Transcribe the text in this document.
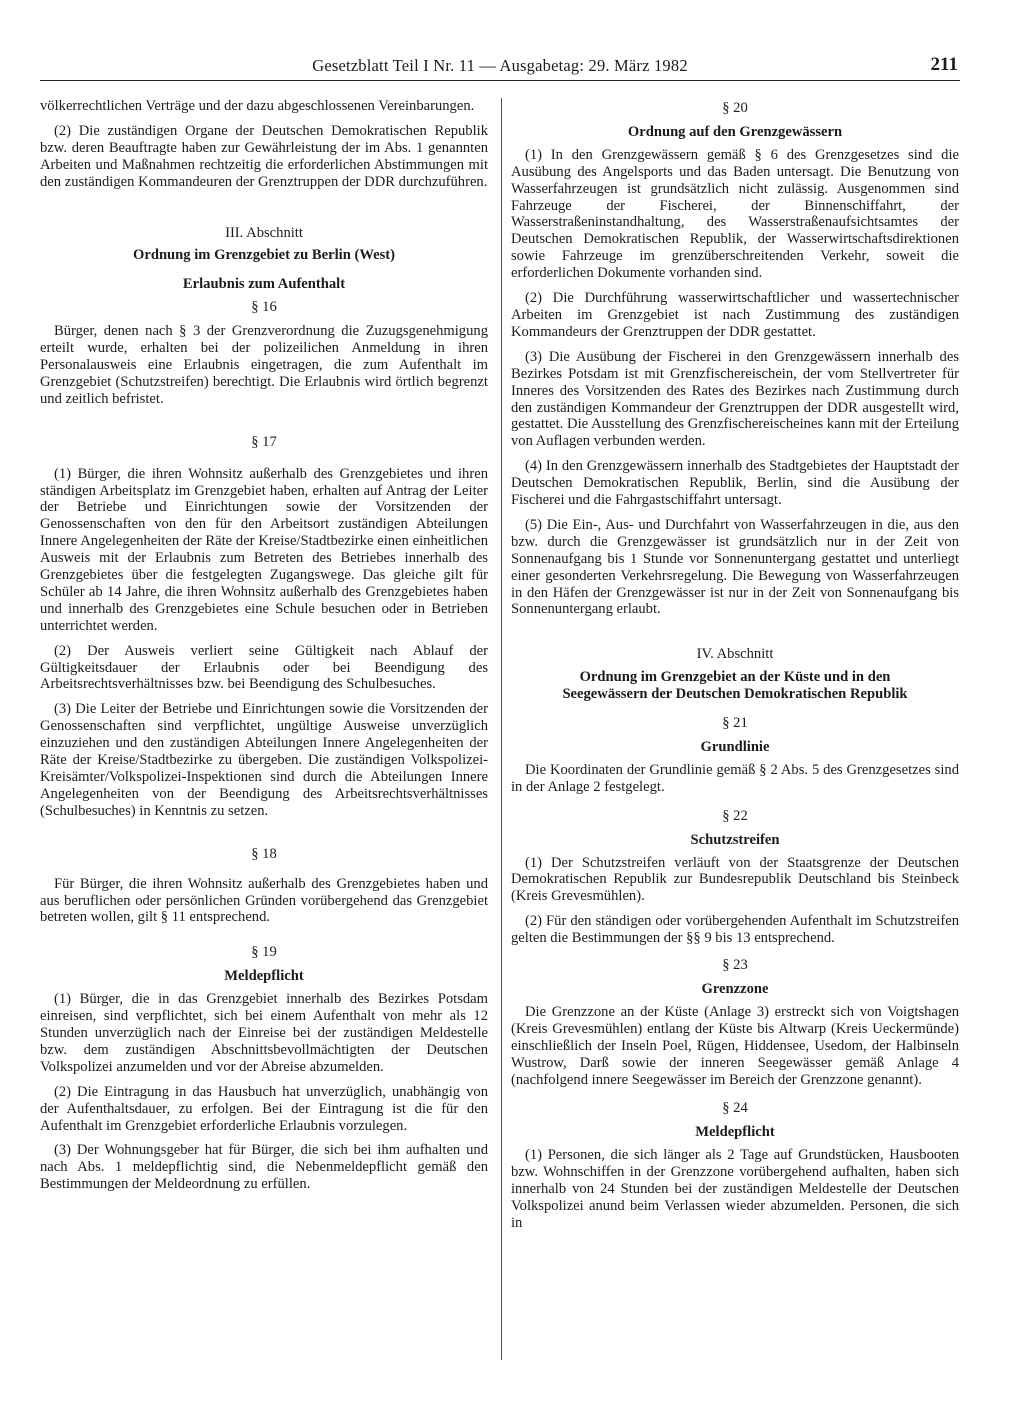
Gesetzblatt Teil I Nr. 11 — Ausgabetag: 29. März 1982	211

völkerrechtlichen Verträge und der dazu abgeschlossenen Vereinbarungen.

(2) Die zuständigen Organe der Deutschen Demokratischen Republik bzw. deren Beauftragte haben zur Gewährleistung der im Abs. 1 genannten Arbeiten und Maßnahmen rechtzeitig die erforderlichen Abstimmungen mit den zuständigen Kommandeuren der Grenztruppen der DDR durchzuführen.

III. Abschnitt
Ordnung im Grenzgebiet zu Berlin (West)
Erlaubnis zum Aufenthalt
§ 16

Bürger, denen nach § 3 der Grenzverordnung die Zuzugsgenehmigung erteilt wurde, erhalten bei der polizeilichen Anmeldung in ihren Personalausweis eine Erlaubnis eingetragen, die zum Aufenthalt im Grenzgebiet (Schutzstreifen) berechtigt. Die Erlaubnis wird örtlich begrenzt und zeitlich befristet.

§ 17

(1) Bürger, die ihren Wohnsitz außerhalb des Grenzgebietes und ihren ständigen Arbeitsplatz im Grenzgebiet haben, erhalten auf Antrag der Leiter der Betriebe und Einrichtungen sowie der Vorsitzenden der Genossenschaften von den für den Arbeitsort zuständigen Abteilungen Innere Angelegenheiten der Räte der Kreise/Stadtbezirke einen einheitlichen Ausweis mit der Erlaubnis zum Betreten des Betriebes innerhalb des Grenzgebietes über die festgelegten Zugangswege. Das gleiche gilt für Schüler ab 14 Jahre, die ihren Wohnsitz außerhalb des Grenzgebietes haben und innerhalb des Grenzgebietes eine Schule besuchen oder in Betrieben unterrichtet werden.

(2) Der Ausweis verliert seine Gültigkeit nach Ablauf der Gültigkeitsdauer der Erlaubnis oder bei Beendigung des Arbeitsrechtsverhältnisses bzw. bei Beendigung des Schulbesuches.

(3) Die Leiter der Betriebe und Einrichtungen sowie die Vorsitzenden der Genossenschaften sind verpflichtet, ungültige Ausweise unverzüglich einzuziehen und den zuständigen Abteilungen Innere Angelegenheiten der Räte der Kreise/Stadtbezirke zu übergeben. Die zuständigen Volkspolizei-Kreisämter/Volkspolizei-Inspektionen sind durch die Abteilungen Innere Angelegenheiten von der Beendigung des Arbeitsrechtsverhältnisses (Schulbesuches) in Kenntnis zu setzen.

§ 18

Für Bürger, die ihren Wohnsitz außerhalb des Grenzgebietes haben und aus beruflichen oder persönlichen Gründen vorübergehend das Grenzgebiet betreten wollen, gilt § 11 entsprechend.

§ 19
Meldepflicht

(1) Bürger, die in das Grenzgebiet innerhalb des Bezirkes Potsdam einreisen, sind verpflichtet, sich bei einem Aufenthalt von mehr als 12 Stunden unverzüglich nach der Einreise bei der zuständigen Meldestelle bzw. dem zuständigen Abschnittsbevollmächtigten der Deutschen Volkspolizei anzumelden und vor der Abreise abzumelden.

(2) Die Eintragung in das Hausbuch hat unverzüglich, unabhängig von der Aufenthaltsdauer, zu erfolgen. Bei der Eintragung ist die für den Aufenthalt im Grenzgebiet erforderliche Erlaubnis vorzulegen.

(3) Der Wohnungsgeber hat für Bürger, die sich bei ihm aufhalten und nach Abs. 1 meldepflichtig sind, die Nebenmeldepflicht gemäß den Bestimmungen der Meldeordnung zu erfüllen.

§ 20
Ordnung auf den Grenzgewässern

(1) In den Grenzgewässern gemäß § 6 des Grenzgesetzes sind die Ausübung des Angelsports und das Baden untersagt. Die Benutzung von Wasserfahrzeugen ist grundsätzlich nicht zulässig. Ausgenommen sind Fahrzeuge der Fischerei, der Binnenschiffahrt, der Wasserstraßeninstandhaltung, des Wasserstraßenaufsichtsamtes der Deutschen Demokratischen Republik, der Wasserwirtschaftsdirektionen sowie Fahrzeuge im grenzüberschreitenden Verkehr, soweit die erforderlichen Dokumente vorhanden sind.

(2) Die Durchführung wasserwirtschaftlicher und wassertechnischer Arbeiten im Grenzgebiet ist nach Zustimmung des zuständigen Kommandeurs der Grenztruppen der DDR gestattet.

(3) Die Ausübung der Fischerei in den Grenzgewässern innerhalb des Bezirkes Potsdam ist mit Grenzfischereischein, der vom Stellvertreter für Inneres des Vorsitzenden des Rates des Bezirkes nach Zustimmung durch den zuständigen Kommandeur der Grenztruppen der DDR ausgestellt wird, gestattet. Die Ausstellung des Grenzfischereischeines kann mit der Erteilung von Auflagen verbunden werden.

(4) In den Grenzgewässern innerhalb des Stadtgebietes der Hauptstadt der Deutschen Demokratischen Republik, Berlin, sind die Ausübung der Fischerei und die Fahrgastschiffahrt untersagt.

(5) Die Ein-, Aus- und Durchfahrt von Wasserfahrzeugen in die, aus den bzw. durch die Grenzgewässer ist grundsätzlich nur in der Zeit von Sonnenaufgang bis 1 Stunde vor Sonnenuntergang gestattet und unterliegt einer gesonderten Verkehrsregelung. Die Bewegung von Wasserfahrzeugen in den Häfen der Grenzgewässer ist nur in der Zeit von Sonnenaufgang bis Sonnenuntergang erlaubt.

IV. Abschnitt
Ordnung im Grenzgebiet an der Küste und in den
Seegewässern der Deutschen Demokratischen Republik
§ 21
Grundlinie

Die Koordinaten der Grundlinie gemäß § 2 Abs. 5 des Grenzgesetzes sind in der Anlage 2 festgelegt.

§ 22
Schutzstreifen

(1) Der Schutzstreifen verläuft von der Staatsgrenze der Deutschen Demokratischen Republik zur Bundesrepublik Deutschland bis Steinbeck (Kreis Grevesmühlen).

(2) Für den ständigen oder vorübergehenden Aufenthalt im Schutzstreifen gelten die Bestimmungen der §§ 9 bis 13 entsprechend.

§ 23
Grenzzone

Die Grenzzone an der Küste (Anlage 3) erstreckt sich von Voigtshagen (Kreis Grevesmühlen) entlang der Küste bis Altwarp (Kreis Ueckermünde) einschließlich der Inseln Poel, Rügen, Hiddensee, Usedom, der Halbinseln Wustrow, Darß sowie der inneren Seegewässer gemäß Anlage 4 (nachfolgend innere Seegewässer im Bereich der Grenzzone genannt).

§ 24
Meldepflicht

(1) Personen, die sich länger als 2 Tage auf Grundstücken, Hausbooten bzw. Wohnschiffen in der Grenzzone vorübergehend aufhalten, haben sich innerhalb von 24 Stunden bei der zuständigen Meldestelle der Deutschen Volkspolizei anund beim Verlassen wieder abzumelden. Personen, die sich in
